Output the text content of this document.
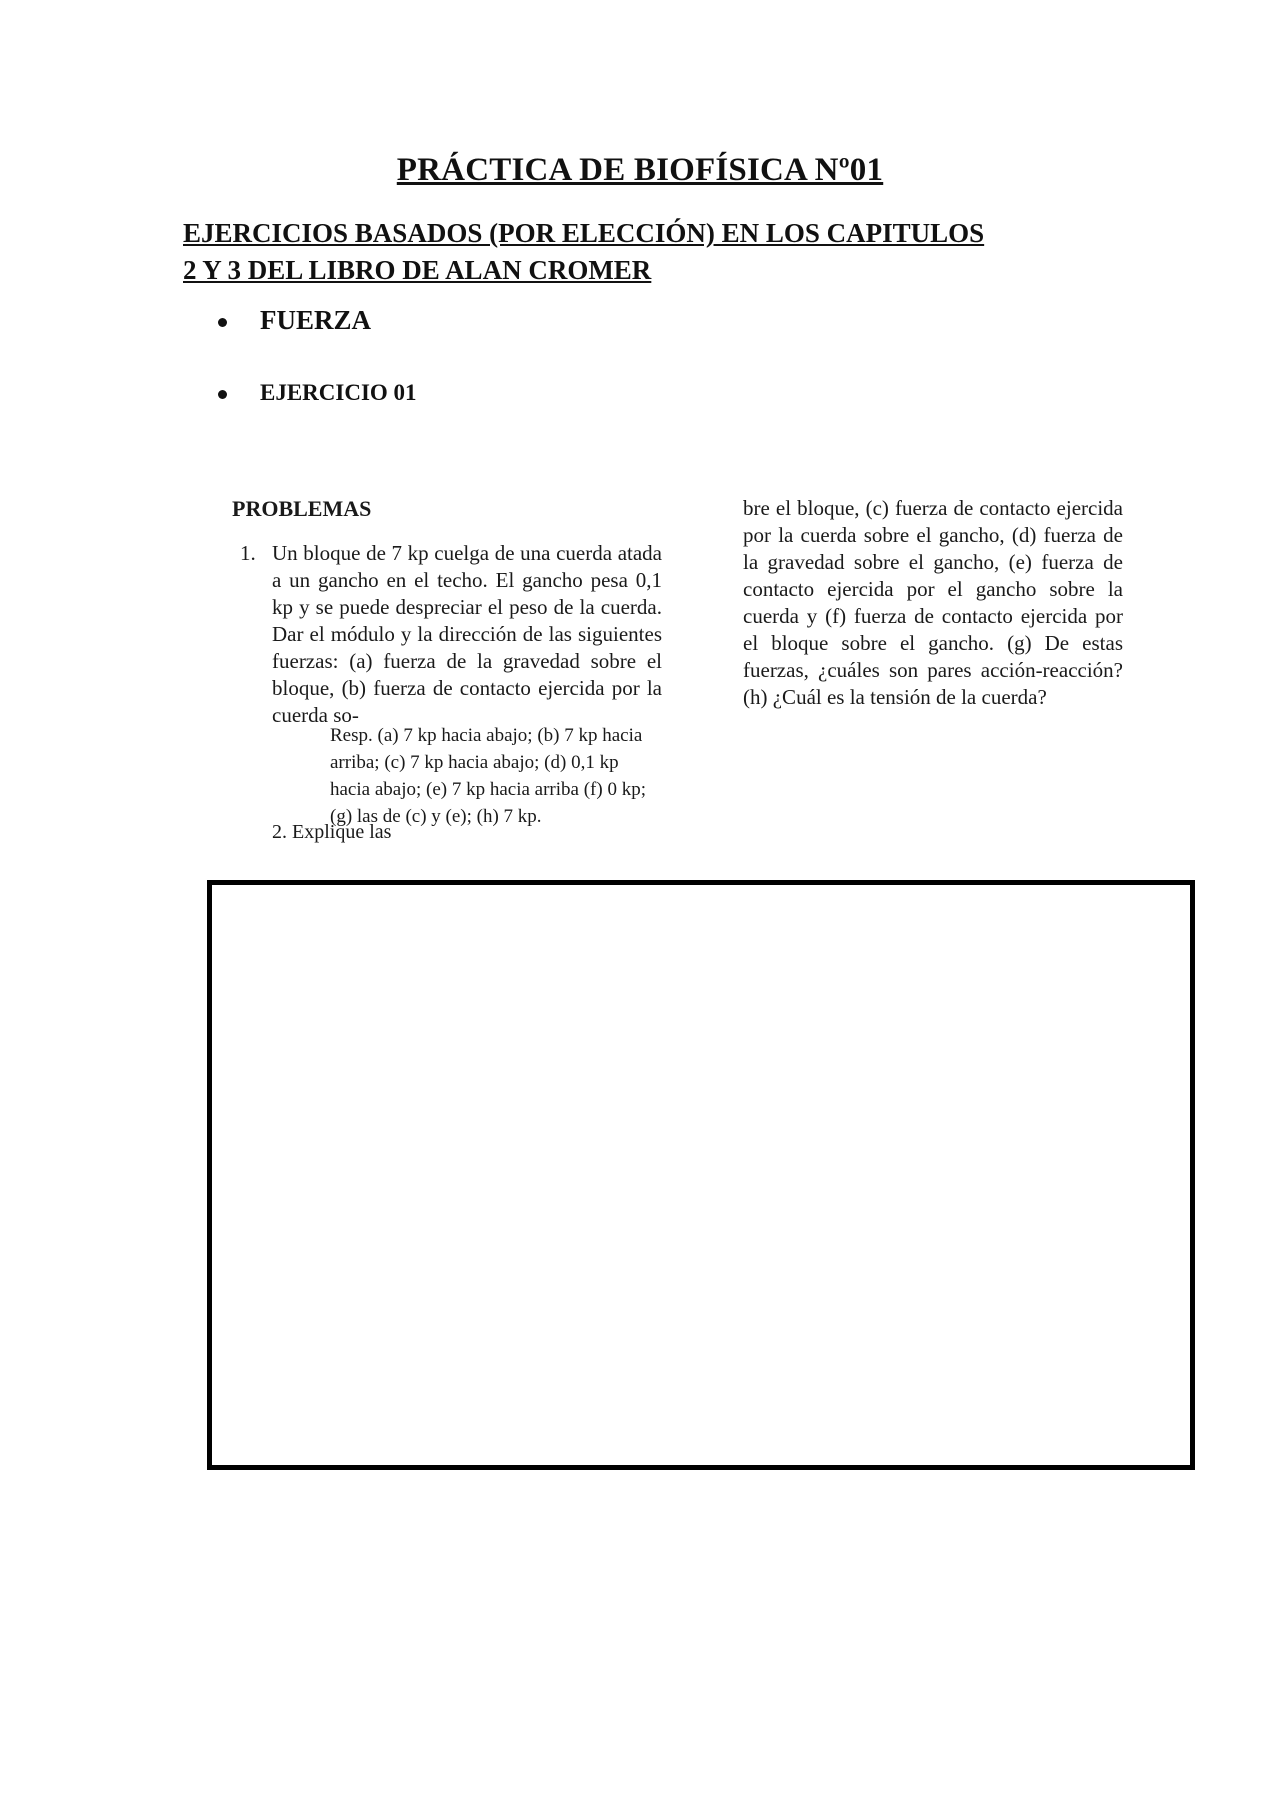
PRÁCTICA DE BIOFÍSICA Nº01
EJERCICIOS BASADOS (POR ELECCIÓN) EN LOS CAPITULOS
2 Y 3 DEL LIBRO DE ALAN CROMER
FUERZA
EJERCICIO 01
PROBLEMAS
1. Un bloque de 7 kp cuelga de una cuerda atada a un gancho en el techo. El gancho pesa 0,1 kp y se puede despreciar el peso de la cuerda. Dar el módulo y la dirección de las siguientes fuerzas: (a) fuerza de la gravedad sobre el bloque, (b) fuerza de contacto ejercida por la cuerda so-
Resp. (a) 7 kp hacia abajo; (b) 7 kp hacia arriba; (c) 7 kp hacia abajo; (d) 0,1 kp hacia abajo; (e) 7 kp hacia arriba (f) 0 kp; (g) las de (c) y (e); (h) 7 kp.
2. Explique las
bre el bloque, (c) fuerza de contacto ejercida por la cuerda sobre el gancho, (d) fuerza de la gravedad sobre el gancho, (e) fuerza de contacto ejercida por el gancho sobre la cuerda y (f) fuerza de contacto ejercida por el bloque sobre el gancho. (g) De estas fuerzas, ¿cuáles son pares acción-reacción? (h) ¿Cuál es la tensión de la cuerda?
